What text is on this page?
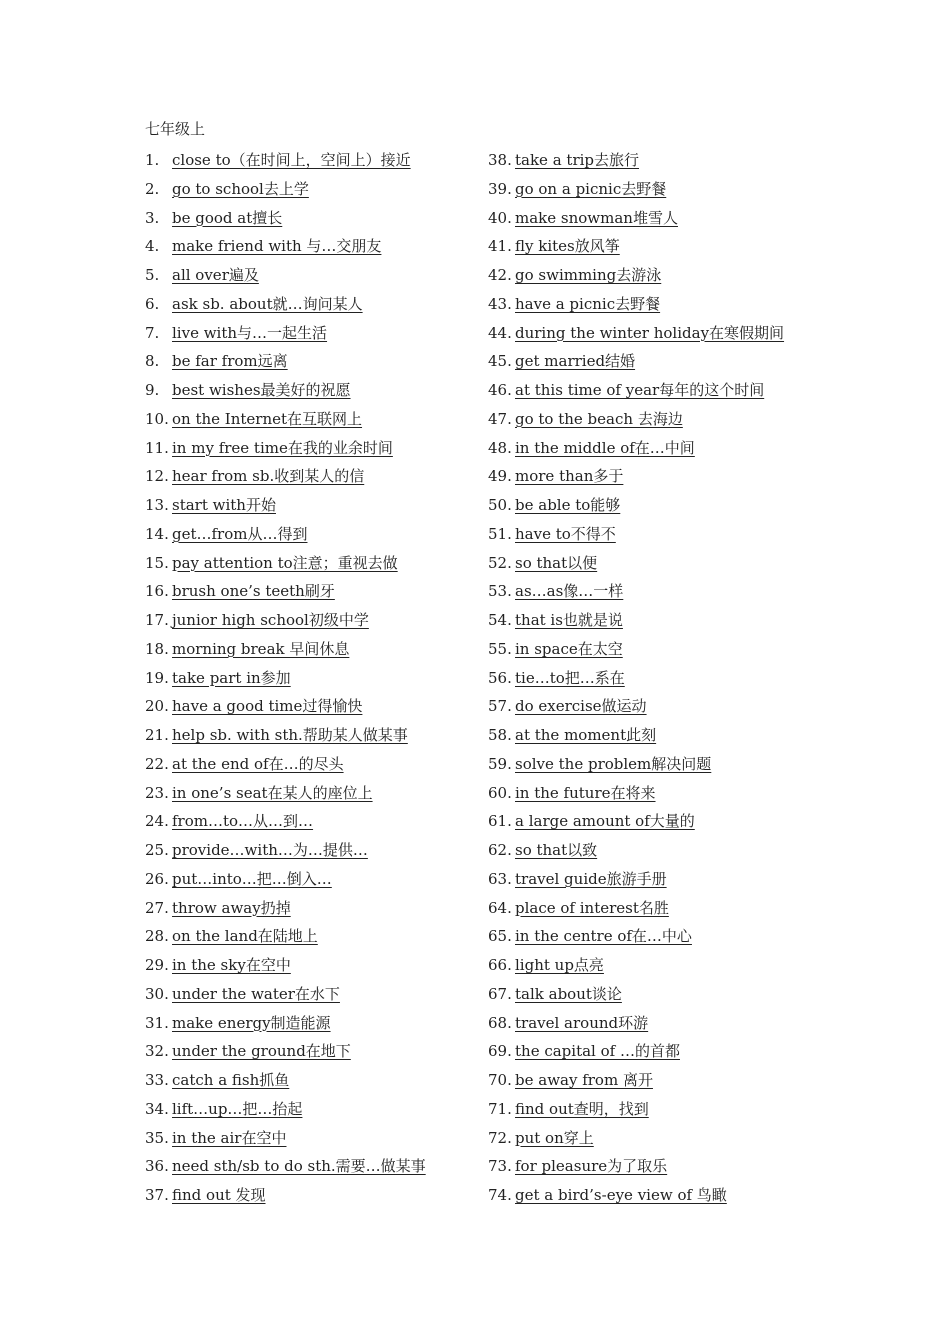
七年级上
1. close to（在时间上，空间上）接近
2. go to school去上学
3. be good at擅长
4. make friend with 与…交朋友
5. all over遍及
6. ask sb. about就…询问某人
7. live with与…一起生活
8. be far from远离
9. best wishes最美好的祝愿
10. on the Internet在互联网上
11. in my free time在我的业余时间
12. hear from sb.收到某人的信
13. start with开始
14. get…from从…得到
15. pay attention to注意；重视去做
16. brush one’s teeth刷牙
17. junior high school初级中学
18. morning break 早间休息
19. take part in参加
20. have a good time过得愉快
21. help sb. with sth.帮助某人做某事
22. at the end of在…的尽头
23. in one’s seat在某人的座位上
24. from…to…从…到…
25. provide…with…为…提供…
26. put…into…把…倒入…
27. throw away扔掉
28. on the land在陆地上
29. in the sky在空中
30. under the water在水下
31. make energy制造能源
32. under the ground在地下
33. catch a fish抓鱼
34. lift…up…把…抬起
35. in the air在空中
36. need sth/sb to do sth.需要…做某事
37. find out 发现
38. take a trip去旅行
39. go on a picnic去野餐
40. make snowman堆雪人
41. fly kites放风筝
42. go swimming去游泳
43. have a picnic去野餐
44. during the winter holiday在寒假期间
45. get married结婚
46. at this time of year每年的这个时间
47. go to the beach 去海边
48. in the middle of在…中间
49. more than多于
50. be able to能够
51. have to不得不
52. so that以便
53. as…as像…一样
54. that is也就是说
55. in space在太空
56. tie…to把…系在
57. do exercise做运动
58. at the moment此刻
59. solve the problem解决问题
60. in the future在将来
61. a large amount of大量的
62. so that以致
63. travel guide旅游手册
64. place of interest名胜
65. in the centre of在…中心
66. light up点亮
67. talk about谈论
68. travel around环游
69. the capital of …的首都
70. be away from 离开
71. find out查明，找到
72. put on穿上
73. for pleasure为了取乐
74. get a bird’s-eye view of 鸟瞰
